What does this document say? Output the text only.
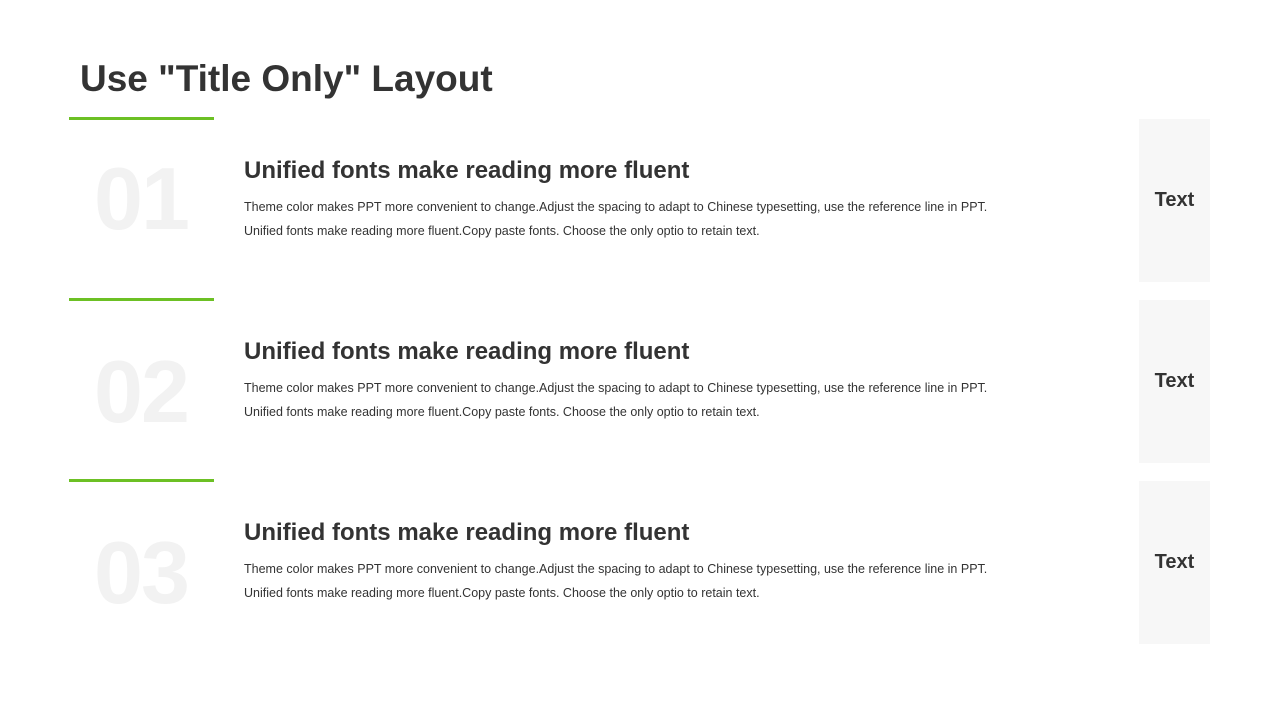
Use "Title Only" Layout
01 Unified fonts make reading more fluent

Theme color makes PPT more convenient to change.Adjust the spacing to adapt to Chinese typesetting, use the reference line in PPT.
Unified fonts make reading more fluent.Copy paste fonts. Choose the only optio to retain text.

Text
02 Unified fonts make reading more fluent

Theme color makes PPT more convenient to change.Adjust the spacing to adapt to Chinese typesetting, use the reference line in PPT.
Unified fonts make reading more fluent.Copy paste fonts. Choose the only optio to retain text.

Text
03 Unified fonts make reading more fluent

Theme color makes PPT more convenient to change.Adjust the spacing to adapt to Chinese typesetting, use the reference line in PPT.
Unified fonts make reading more fluent.Copy paste fonts. Choose the only optio to retain text.

Text
